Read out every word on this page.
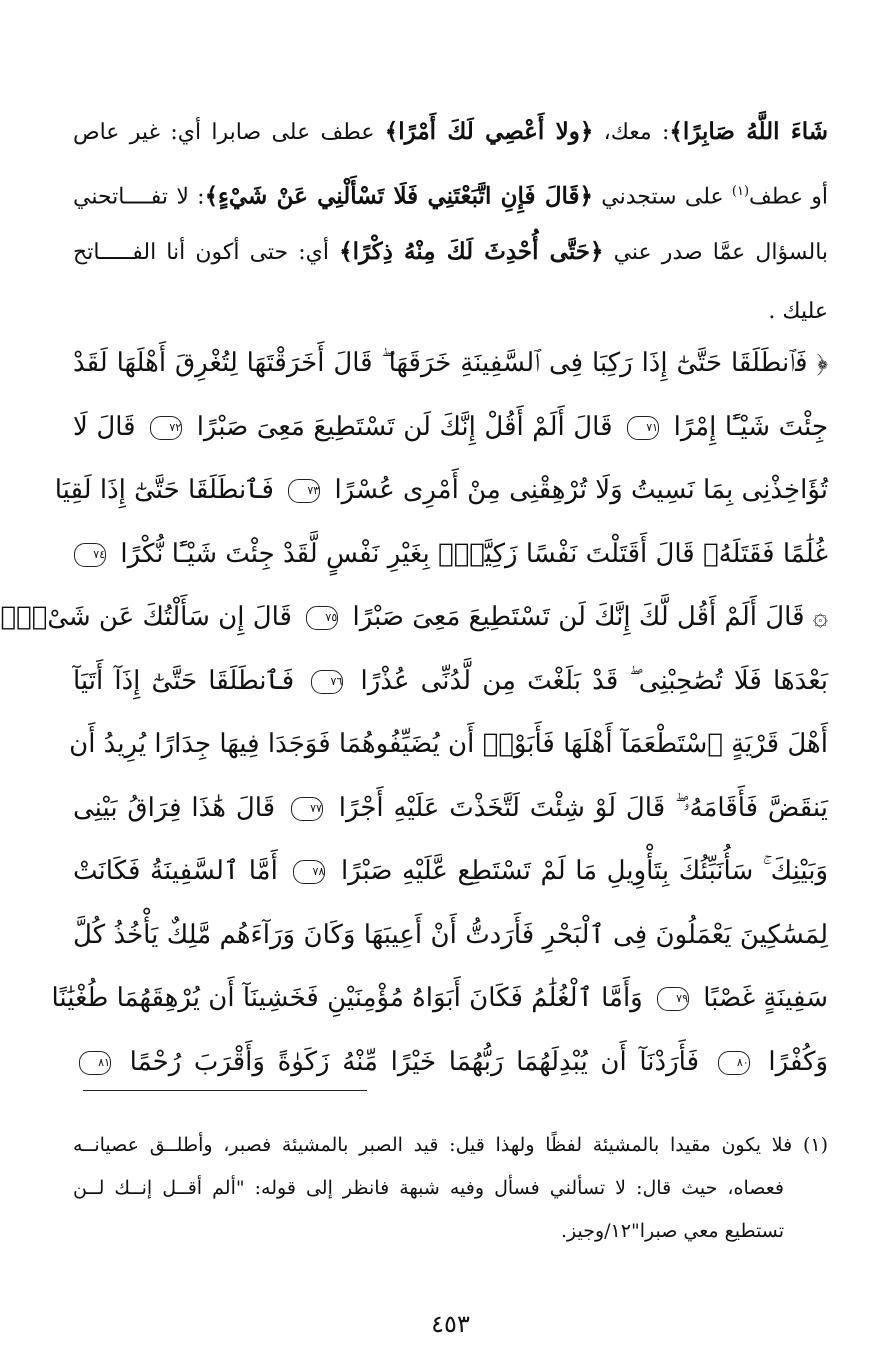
شَاءَ اللَّهُ صَابِرًا﴾: معك، ﴿ولا أَعْصِي لَكَ أَمْرًا﴾ عطف على صابرا أي: غير عاص
أو عطف$^{(١)}$ على ستجدني ﴿قَالَ فَإِنِ اتَّبَعْتَنِي فَلَا تَسْأَلْنِي عَنْ شَيْءٍ﴾: لا تفــــاتحني
بالسؤال عمَّا صدر عني ﴿حَتَّى أُحْدِثَ لَكَ مِنْهُ ذِكْرًا﴾ أي: حتى أكون أنا الفـــــاتح
عليك .
﴿ فَٱنطَلَقَا حَتَّىٰٓ إِذَا رَكِبَا فِى ٱلسَّفِينَةِ خَرَقَهَا ۖ قَالَ أَخَرَقْتَهَا لِتُغْرِقَ أَهْلَهَا لَقَدْ
جِئْتَ شَيْـًٔا إِمْرًا ٧١ قَالَ أَلَمْ أَقُلْ إِنَّكَ لَن تَسْتَطِيعَ مَعِىَ صَبْرًا ٧٢ قَالَ لَا
تُؤَاخِذْنِى بِمَا نَسِيتُ وَلَا تُرْهِقْنِى مِنْ أَمْرِى عُسْرًا ٧٣ فَٱنطَلَقَا حَتَّىٰٓ إِذَا لَقِيَا
غُلَٰمًا فَقَتَلَهُۥ قَالَ أَقَتَلْتَ نَفْسًا زَكِيَّةًۢ بِغَيْرِ نَفْسٍ لَّقَدْ جِئْتَ شَيْـًٔا نُّكْرًا ٧٤
۞ قَالَ أَلَمْ أَقُل لَّكَ إِنَّكَ لَن تَسْتَطِيعَ مَعِىَ صَبْرًا ٧٥ قَالَ إِن سَأَلْتُكَ عَن شَىْءٍۭ
بَعْدَهَا فَلَا تُصَٰحِبْنِى ۖ قَدْ بَلَغْتَ مِن لَّدُنِّى عُذْرًا ٧٦ فَٱنطَلَقَا حَتَّىٰٓ إِذَآ أَتَيَآ
أَهْلَ قَرْيَةٍ ٱسْتَطْعَمَآ أَهْلَهَا فَأَبَوْا۟ أَن يُضَيِّفُوهُمَا فَوَجَدَا فِيهَا جِدَارًا يُرِيدُ أَن
يَنقَضَّ فَأَقَامَهُۥ ۖ قَالَ لَوْ شِئْتَ لَتَّخَذْتَ عَلَيْهِ أَجْرًا ٧٧ قَالَ هَٰذَا فِرَاقُ بَيْنِى
وَبَيْنِكَ ۚ سَأُنَبِّئُكَ بِتَأْوِيلِ مَا لَمْ تَسْتَطِع عَّلَيْهِ صَبْرًا ٧٨ أَمَّا ٱلسَّفِينَةُ فَكَانَتْ
لِمَسَٰكِينَ يَعْمَلُونَ فِى ٱلْبَحْرِ فَأَرَدتُّ أَنْ أَعِيبَهَا وَكَانَ وَرَآءَهُم مَّلِكٌ يَأْخُذُ كُلَّ
سَفِينَةٍ غَصْبًا ٧٩ وَأَمَّا ٱلْغُلَٰمُ فَكَانَ أَبَوَاهُ مُؤْمِنَيْنِ فَخَشِينَآ أَن يُرْهِقَهُمَا طُغْيَٰنًا
وَكُفْرًا ٨٠ فَأَرَدْنَآ أَن يُبْدِلَهُمَا رَبُّهُمَا خَيْرًا مِّنْهُ زَكَوٰةً وَأَقْرَبَ رُحْمًا ٨١
(١) فلا يكون مقيدا بالمشيئة لفظًا ولهذا قيل: قيد الصبر بالمشيئة فصبر، وأطلــق عصيانــه
فعصاه، حيث قال: لا تسألني فسأل وفيه شبهة فانظر إلى قوله: "ألم أقــل إنــك لــن
تستطيع معي صبرا"١٢/وجيز.
٤٥٣
